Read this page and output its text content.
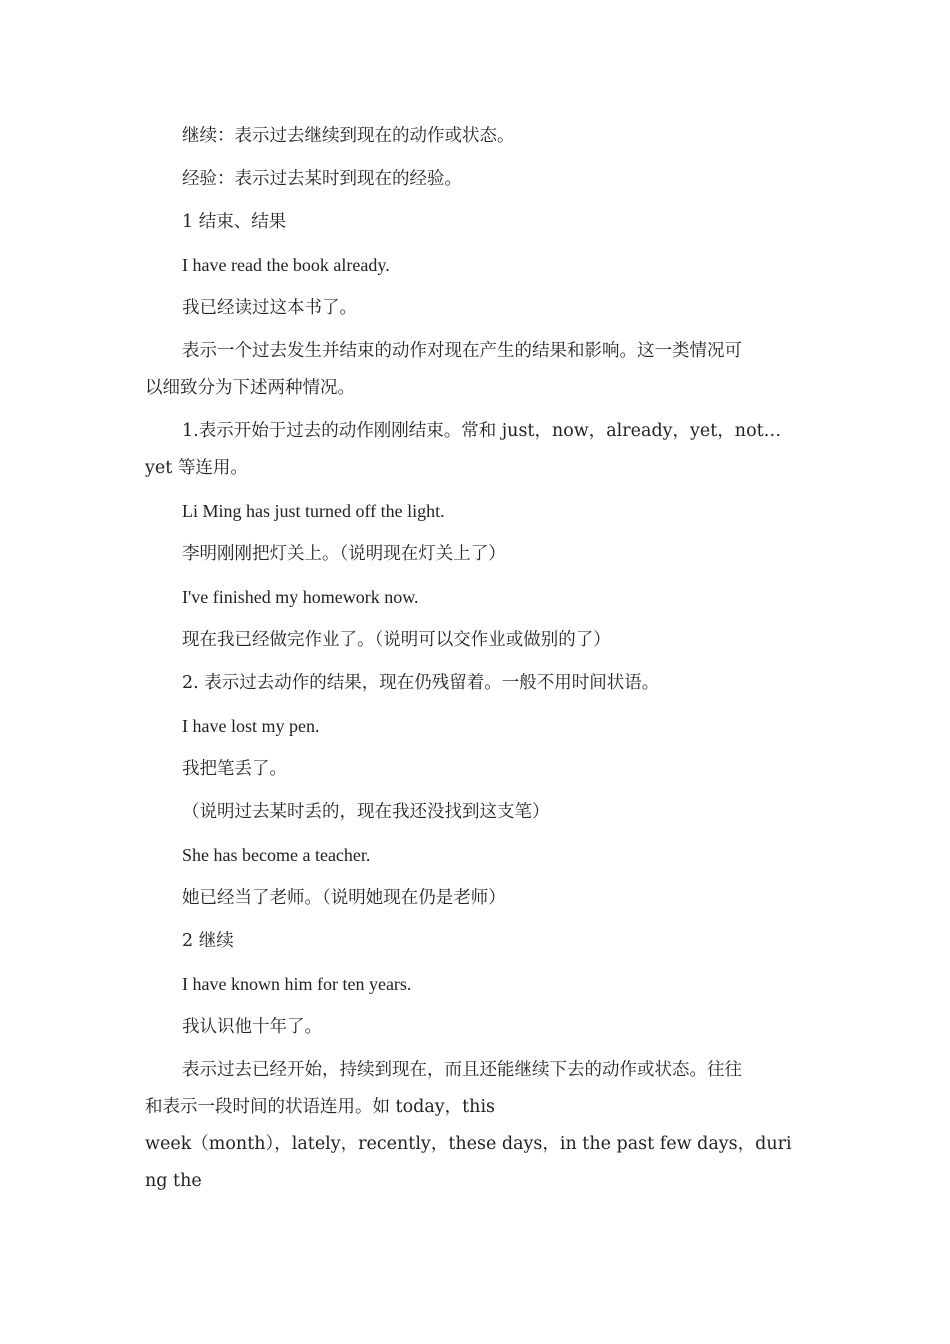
继续：表示过去继续到现在的动作或状态。

经验：表示过去某时到现在的经验。

1 结束、结果

I have read the book already.

我已经读过这本书了。

表示一个过去发生并结束的动作对现在产生的结果和影响。这一类情况可
以细致分为下述两种情况。

1.表示开始于过去的动作刚刚结束。常和 just，now，already，yet，not…
yet 等连用。

Li Ming has just turned off the light.

李明刚刚把灯关上。（说明现在灯关上了）

I've finished my homework now.

现在我已经做完作业了。（说明可以交作业或做别的了）

2. 表示过去动作的结果，现在仍残留着。一般不用时间状语。

I have lost my pen.

我把笔丢了。

（说明过去某时丢的，现在我还没找到这支笔）

She has become a teacher.

她已经当了老师。（说明她现在仍是老师）

2 继续

I have known him for ten years.

我认识他十年了。

表示过去已经开始，持续到现在，而且还能继续下去的动作或状态。往往
和表示一段时间的状语连用。如 today，this
week（month），lately，recently，these days，in the past few days，during the
